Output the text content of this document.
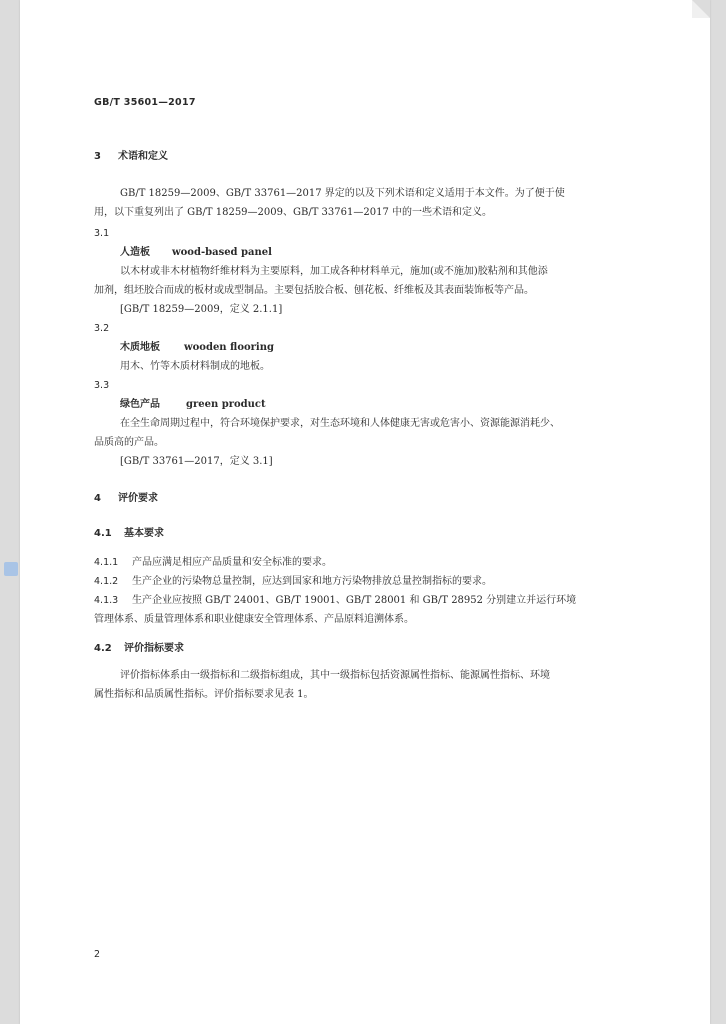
GB/T 35601—2017
3 术语和定义
GB/T 18259—2009、GB/T 33761—2017 界定的以及下列术语和定义适用于本文件。为了便于使
用，以下重复列出了 GB/T 18259—2009、GB/T 33761—2017 中的一些术语和定义。
3.1
人造板 wood-based panel
以木材或非木材植物纤维材料为主要原料，加工成各种材料单元，施加(或不施加)胶粘剂和其他添
加剂，组坯胶合而成的板材或成型制品。主要包括胶合板、刨花板、纤维板及其表面装饰板等产品。
[GB/T 18259—2009，定义 2.1.1]
3.2
木质地板 wooden flooring
用木、竹等木质材料制成的地板。
3.3
绿色产品	green product
在全生命周期过程中，符合环境保护要求，对生态环境和人体健康无害或危害小、资源能源消耗少、
品质高的产品。
[GB/T 33761—2017，定义 3.1]
4 评价要求
4.1 基本要求
4.1.1 产品应满足相应产品质量和安全标准的要求。
4.1.2 生产企业的污染物总量控制，应达到国家和地方污染物排放总量控制指标的要求。
4.1.3 生产企业应按照 GB/T 24001、GB/T 19001、GB/T 28001 和 GB/T 28952 分别建立并运行环境
管理体系、质量管理体系和职业健康安全管理体系、产品原料追溯体系。
4.2 评价指标要求
评价指标体系由一级指标和二级指标组成，其中一级指标包括资源属性指标、能源属性指标、环境
属性指标和品质属性指标。评价指标要求见表 1。
2
